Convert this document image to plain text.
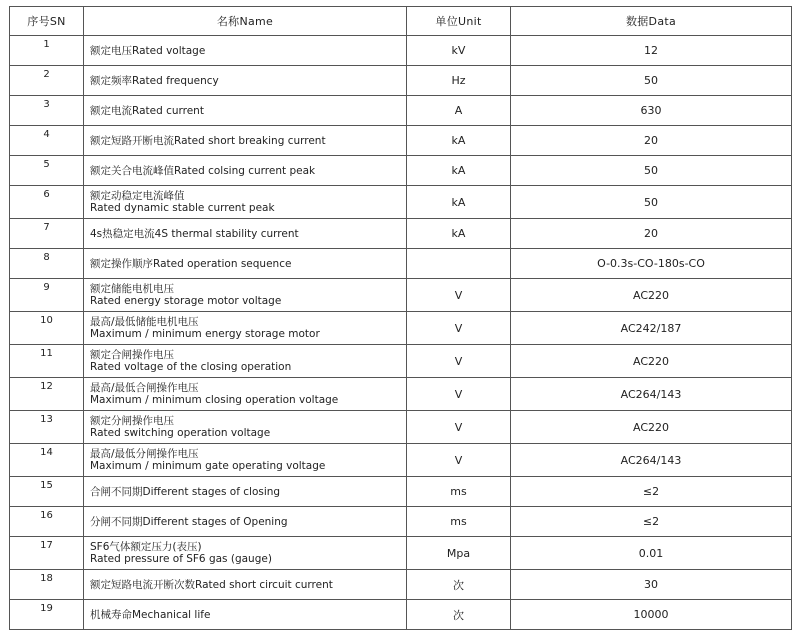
序号SN	名称Name	单位Unit	数据Data
1	额定电压Rated voltage	kV	12
2	额定频率Rated frequency	Hz	50
3	额定电流Rated current	A	630
4	额定短路开断电流Rated short breaking current	kA	20
5	额定关合电流峰值Rated colsing current peak	kA	50
6	额定动稳定电流峰值
Rated dynamic stable current peak	kA	50
7	4s热稳定电流4S thermal stability current	kA	20
8	额定操作顺序Rated operation sequence		O-0.3s-CO-180s-CO
9	额定储能电机电压
Rated energy storage motor voltage	V	AC220
10	最高/最低储能电机电压
Maximum / minimum energy storage motor	V	AC242/187
11	额定合闸操作电压
Rated voltage of the closing operation	V	AC220
12	最高/最低合闸操作电压
Maximum / minimum closing operation voltage	V	AC264/143
13	额定分闸操作电压
Rated switching operation voltage	V	AC220
14	最高/最低分闸操作电压
Maximum / minimum gate operating voltage	V	AC264/143
15	合闸不同期Different stages of closing	ms	≤2
16	分闸不同期Different stages of Opening	ms	≤2
17	SF6气体额定压力(表压)
Rated pressure of SF6 gas (gauge)	Mpa	0.01
18	额定短路电流开断次数Rated short circuit current	次	30
19	机械寿命Mechanical life	次	10000
